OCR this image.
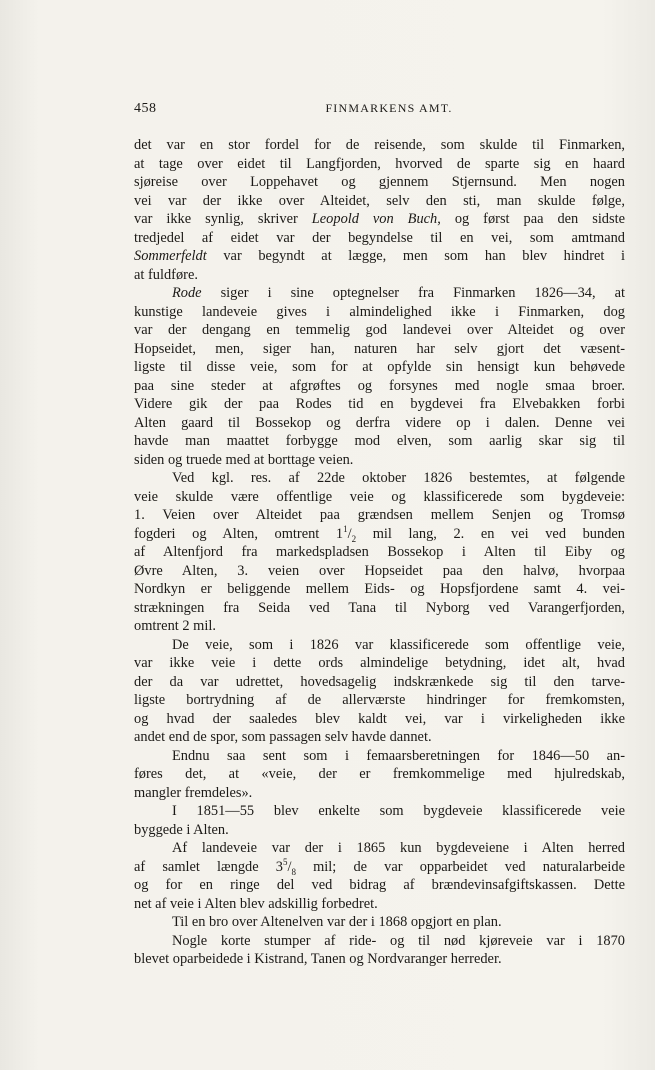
458	FINMARKENS AMT.
det var en stor fordel for de reisende, som skulde til Finmarken,
at tage over eidet til Langfjorden, hvorved de sparte sig en haard
sjøreise over Loppehavet og gjennem Stjernsund. Men nogen
vei var der ikke over Alteidet, selv den sti, man skulde følge,
var ikke synlig, skriver Leopold von Buch, og først paa den sidste
tredjedel af eidet var der begyndelse til en vei, som amtmand
Sommerfeldt var begyndt at lægge, men som han blev hindret i
at fuldføre.
Rode siger i sine optegnelser fra Finmarken 1826—34, at
kunstige landeveie gives i almindelighed ikke i Finmarken, dog
var der dengang en temmelig god landevei over Alteidet og over
Hopseidet, men, siger han, naturen har selv gjort det væsent-
ligste til disse veie, som for at opfylde sin hensigt kun behøvede
paa sine steder at afgrøftes og forsynes med nogle smaa broer.
Videre gik der paa Rodes tid en bygdevei fra Elvebakken forbi
Alten gaard til Bossekop og derfra videre op i dalen. Denne vei
havde man maattet forbygge mod elven, som aarlig skar sig til
siden og truede med at borttage veien.
Ved kgl. res. af 22de oktober 1826 bestemtes, at følgende
veie skulde være offentlige veie og klassificerede som bygdeveie:
1. Veien over Alteidet paa grændsen mellem Senjen og Tromsø
fogderi og Alten, omtrent $1^1/_2$ mil lang, 2. en vei ved bunden
af Altenfjord fra markedspladsen Bossekop i Alten til Eiby og
Øvre Alten, 3. veien over Hopseidet paa den halvø, hvorpaa
Nordkyn er beliggende mellem Eids- og Hopsfjordene samt 4. vei-
strækningen fra Seida ved Tana til Nyborg ved Varangerfjorden,
omtrent 2 mil.
De veie, som i 1826 var klassificerede som offentlige veie,
var ikke veie i dette ords almindelige betydning, idet alt, hvad
der da var udrettet, hovedsagelig indskrænkede sig til den tarve-
ligste bortrydning af de allerværste hindringer for fremkomsten,
og hvad der saaledes blev kaldt vei, var i virkeligheden ikke
andet end de spor, som passagen selv havde dannet.
Endnu saa sent som i femaarsberetningen for 1846—50 an-
føres det, at «veie, der er fremkommelige med hjulredskab,
mangler fremdeles».
I 1851—55 blev enkelte som bygdeveie klassificerede veie
byggede i Alten.
Af landeveie var der i 1865 kun bygdeveiene i Alten herred
af samlet længde $3^5/_8$ mil; de var opparbeidet ved naturalarbeide
og for en ringe del ved bidrag af brændevinsafgiftskassen. Dette
net af veie i Alten blev adskillig forbedret.
Til en bro over Altenelven var der i 1868 opgjort en plan.
Nogle korte stumper af ride- og til nød kjøreveie var i 1870
blevet oparbeidede i Kistrand, Tanen og Nordvaranger herreder.
